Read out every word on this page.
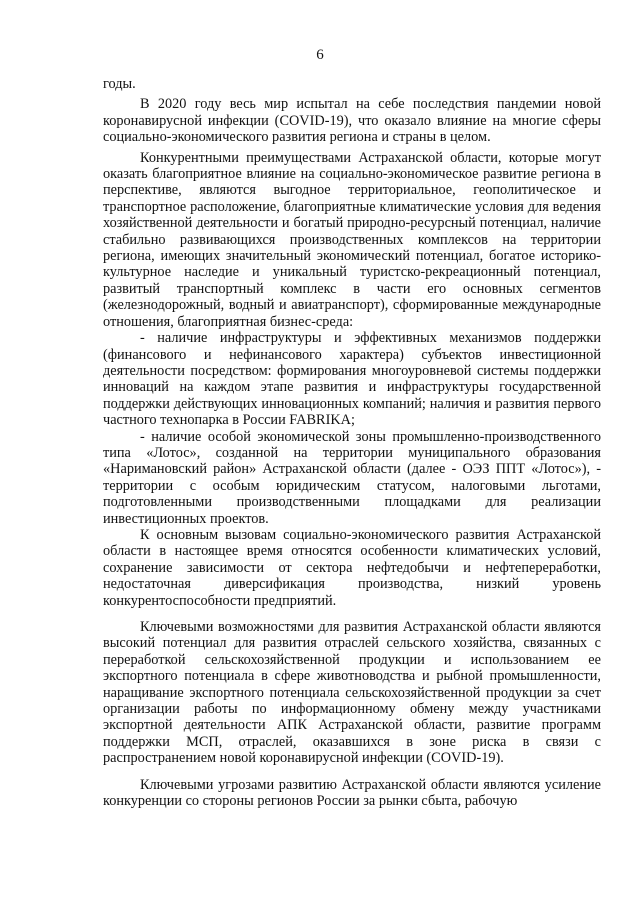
6

годы.

В 2020 году весь мир испытал на себе последствия пандемии новой коронавирусной инфекции (COVID-19), что оказало влияние на многие сферы социально-экономического развития региона и страны в целом.

Конкурентными преимуществами Астраханской области, которые могут оказать благоприятное влияние на социально-экономическое развитие региона в перспективе, являются выгодное территориальное, геополитическое и транспортное расположение, благоприятные климатические условия для ведения хозяйственной деятельности и богатый природно-ресурсный потенциал, наличие стабильно развивающихся производственных комплексов на территории региона, имеющих значительный экономический потенциал, богатое историко-культурное наследие и уникальный туристско-рекреационный потенциал, развитый транспортный комплекс в части его основных сегментов (железнодорожный, водный и авиатранспорт), сформированные международные отношения, благоприятная бизнес-среда:

- наличие инфраструктуры и эффективных механизмов поддержки (финансового и нефинансового характера) субъектов инвестиционной деятельности посредством: формирования многоуровневой системы поддержки инноваций на каждом этапе развития и инфраструктуры государственной поддержки действующих инновационных компаний; наличия и развития первого частного технопарка в России FABRIKA;

- наличие особой экономической зоны промышленно-производственного типа «Лотос», созданной на территории муниципального образования «Наримановский район» Астраханской области (далее - ОЭЗ ППТ «Лотос»), - территории с особым юридическим статусом, налоговыми льготами, подготовленными производственными площадками для реализации инвестиционных проектов.

К основным вызовам социально-экономического развития Астраханской области в настоящее время относятся особенности климатических условий, сохранение зависимости от сектора нефтедобычи и нефтепереработки, недостаточная диверсификация производства, низкий уровень конкурентоспособности предприятий.

Ключевыми возможностями для развития Астраханской области являются высокий потенциал для развития отраслей сельского хозяйства, связанных с переработкой сельскохозяйственной продукции и использованием ее экспортного потенциала в сфере животноводства и рыбной промышленности, наращивание экспортного потенциала сельскохозяйственной продукции за счет организации работы по информационному обмену между участниками экспортной деятельности АПК Астраханской области, развитие программ поддержки МСП, отраслей, оказавшихся в зоне риска в связи с распространением новой коронавирусной инфекции (COVID-19).

Ключевыми угрозами развитию Астраханской области являются усиление конкуренции со стороны регионов России за рынки сбыта, рабочую
